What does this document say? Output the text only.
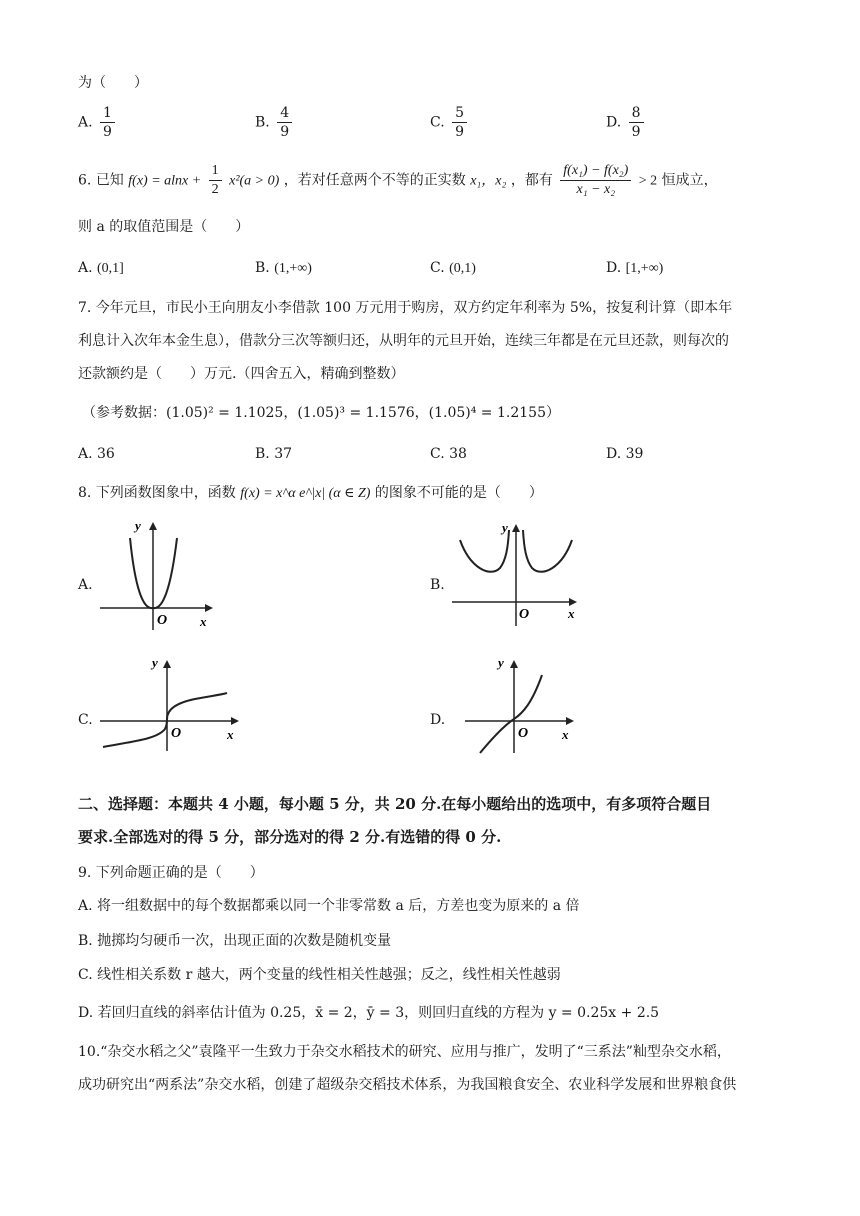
为（　　）
A. $\frac{1}{9}$	B. $\frac{4}{9}$	C. $\frac{5}{9}$	D. $\frac{8}{9}$
6. 已知 $f(x) = alnx + \frac{1}{2} x^2(a > 0)$ ，若对任意两个不等的正实数 x₁，x₂ ，都有 $\frac{\text{f(x₁) − f(x₂)}}{\text{x₁ − x₂}} > 2$ 恒成立，
则 a 的取值范围是（　　）
A. (0,1]	B. (1,+∞)	C. (0,1)	D. [1,+∞)
7. 今年元旦，市民小王向朋友小李借款 100 万元用于购房，双方约定年利率为 5%，按复利计算（即本年
利息计入次年本金生息），借款分三次等额归还，从明年的元旦开始，连续三年都是在元旦还款，则每次的
还款额约是（　　）万元.（四舍五入，精确到整数）
（参考数据：(1.05)² = 1.1025，(1.05)³ = 1.1576，(1.05)⁴ = 1.2155）
A. 36	B. 37	C. 38	D. 39
8. 下列函数图象中，函数 f(x) = x^α e^|x| (α ∈ Z) 的图象不可能的是（　　）
A.	B.
C.	D.
y
x
O
y
x
O
y
x
O
y
x
O
二、选择题：本题共 4 小题，每小题 5 分，共 20 分.在每小题给出的选项中，有多项符合题目
要求.全部选对的得 5 分，部分选对的得 2 分.有选错的得 0 分.
9. 下列命题正确的是（　　）
A. 将一组数据中的每个数据都乘以同一个非零常数 a 后，方差也变为原来的 a 倍
B. 抛掷均匀硬币一次，出现正面的次数是随机变量
C. 线性相关系数 r 越大，两个变量的线性相关性越强；反之，线性相关性越弱
D. 若回归直线的斜率估计值为 0.25，x̄ = 2，ȳ = 3，则回归直线的方程为 y = 0.25x + 2.5
10.“杂交水稻之父”袁隆平一生致力于杂交水稻技术的研究、应用与推广，发明了“三系法”籼型杂交水稻，
成功研究出“两系法”杂交水稻，创建了超级杂交稻技术体系，为我国粮食安全、农业科学发展和世界粮食供
